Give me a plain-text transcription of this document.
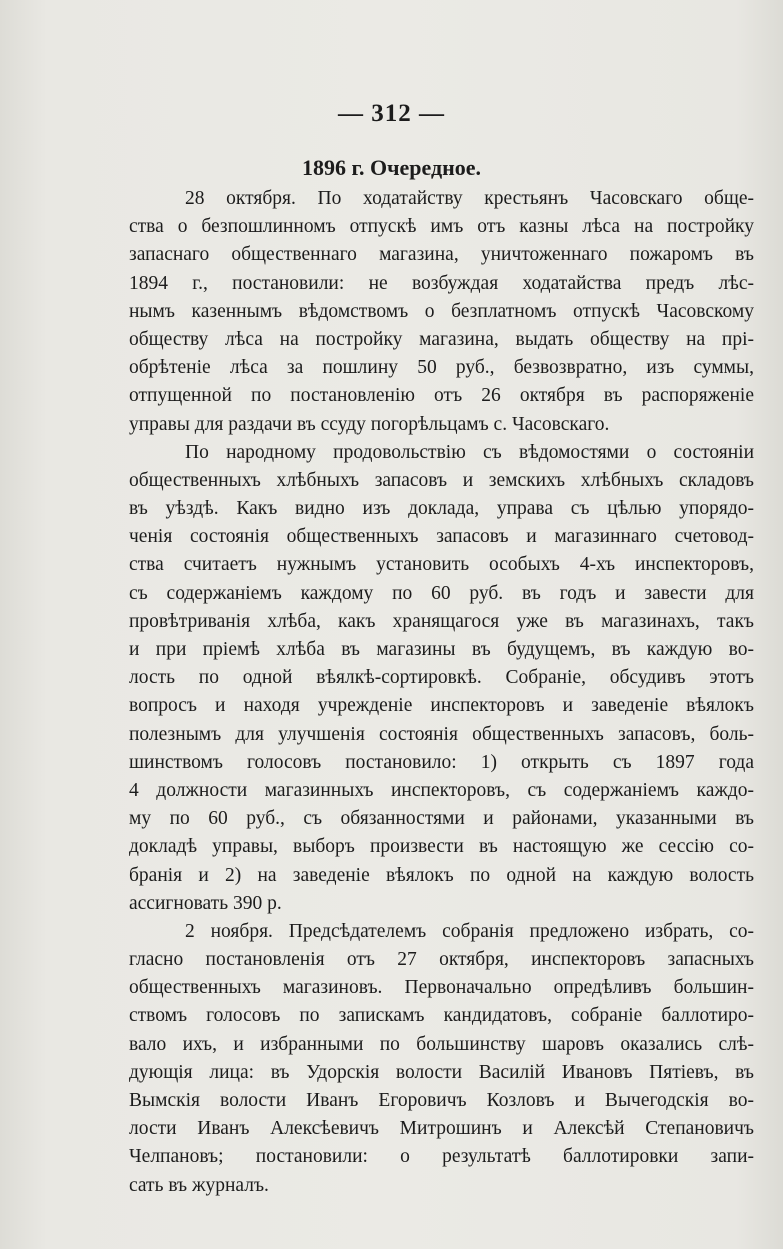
— 312 —
1896 г. Очередное.
28 октября. По ходатайству крестьянъ Часовскаго обще-
ства о безпошлинномъ отпускѣ имъ отъ казны лѣса на постройку
запаснаго общественнаго магазина, уничтоженнаго пожаромъ въ
1894 г., постановили: не возбуждая ходатайства предъ лѣс-
нымъ казеннымъ вѣдомствомъ о безплатномъ отпускѣ Часовскому
обществу лѣса на постройку магазина, выдать обществу на прі-
обрѣтеніе лѣса за пошлину 50 руб., безвозвратно, изъ суммы,
отпущенной по постановленію отъ 26 октября въ распоряженіе
управы для раздачи въ ссуду погорѣльцамъ с. Часовскаго.
По народному продовольствію съ вѣдомостями о состояніи
общественныхъ хлѣбныхъ запасовъ и земскихъ хлѣбныхъ складовъ
въ уѣздѣ. Какъ видно изъ доклада, управа съ цѣлью упорядо-
ченія состоянія общественныхъ запасовъ и магазиннаго счетовод-
ства считаетъ нужнымъ установить особыхъ 4-хъ инспекторовъ,
съ содержаніемъ каждому по 60 руб. въ годъ и завести для
провѣтриванія хлѣба, какъ хранящагося уже въ магазинахъ, такъ
и при пріемѣ хлѣба въ магазины въ будущемъ, въ каждую во-
лость по одной вѣялкѣ-сортировкѣ. Собраніе, обсудивъ этотъ
вопросъ и находя учрежденіе инспекторовъ и заведеніе вѣялокъ
полезнымъ для улучшенія состоянія общественныхъ запасовъ, боль-
шинствомъ голосовъ постановило: 1) открыть съ 1897 года
4 должности магазинныхъ инспекторовъ, съ содержаніемъ каждо-
му по 60 руб., съ обязанностями и районами, указанными въ
докладѣ управы, выборъ произвести въ настоящую же сессію со-
бранія и 2) на заведеніе вѣялокъ по одной на каждую волость
ассигновать 390 р.
2 ноября. Предсѣдателемъ собранія предложено избрать, со-
гласно постановленія отъ 27 октября, инспекторовъ запасныхъ
общественныхъ магазиновъ. Первоначально опредѣливъ большин-
ствомъ голосовъ по запискамъ кандидатовъ, собраніе баллотиро-
вало ихъ, и избранными по большинству шаровъ оказались слѣ-
дующія лица: въ Удорскія волости Василій Ивановъ Пятіевъ, въ
Вымскія волости Иванъ Егоровичъ Козловъ и Вычегодскія во-
лости Иванъ Алексѣевичъ Митрошинъ и Алексѣй Степановичъ
Челпановъ; постановили: о результатѣ баллотировки запи-
сать въ журналъ.
